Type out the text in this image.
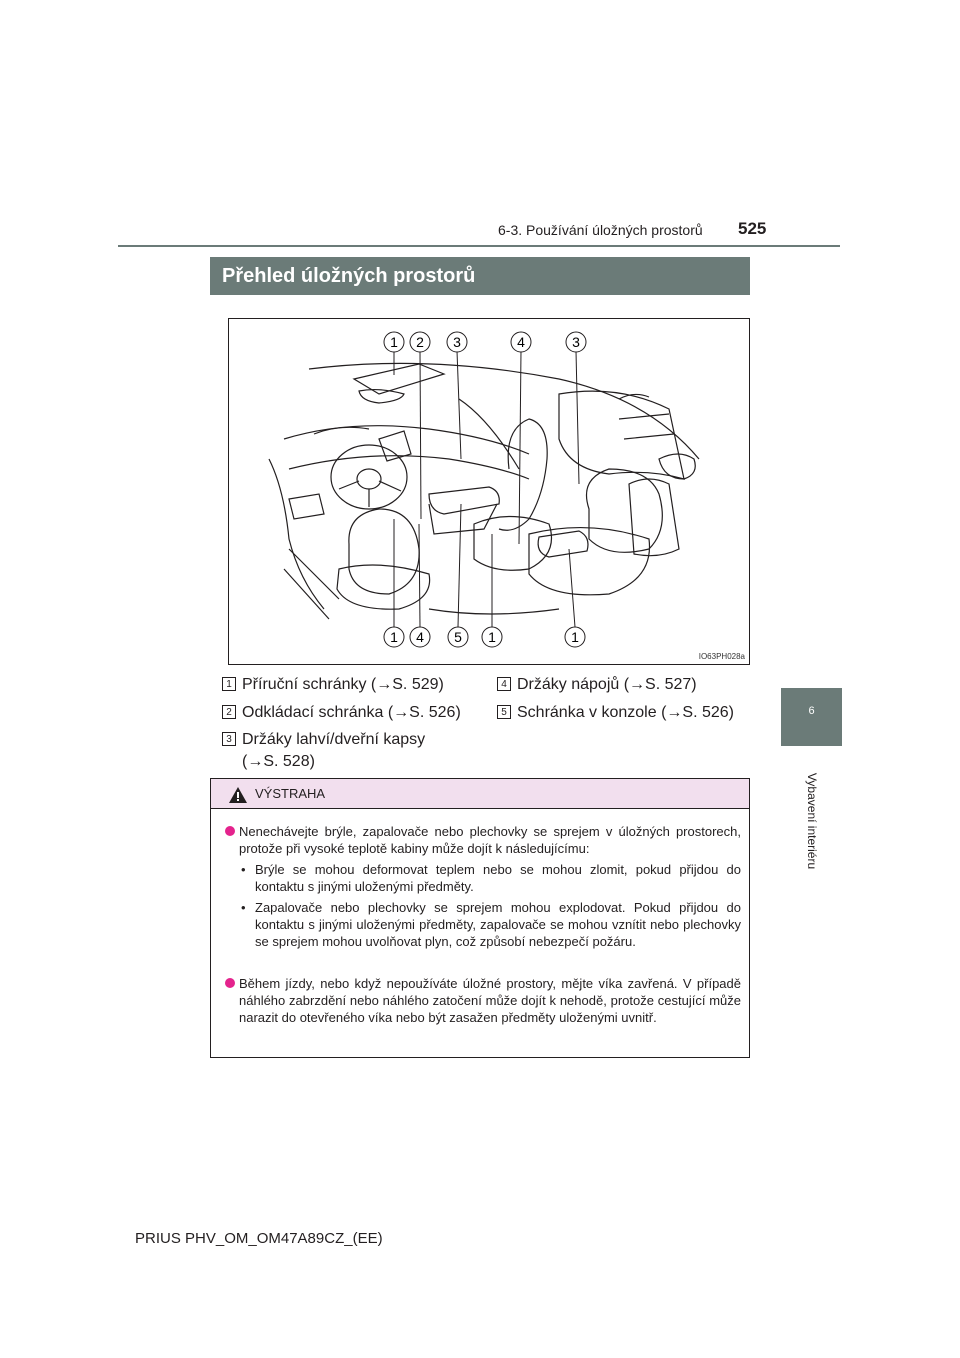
6-3. Používání úložných prostorů 525
6
Vybavení interiéru
Přehled úložných prostorů
1 2 3	4	3
1 4 5 1	1
IO63PH028a
1 Příruční schránky (→S. 529)
2 Odkládací schránka (→S. 526)
3 Držáky lahví/dveřní kapsy
(→S. 528)
4 Držáky nápojů (→S. 527)
5 Schránka v konzole (→S. 526)
VÝSTRAHA
Nenechávejte brýle, zapalovače nebo plechovky se sprejem v úložných prostorech, protože při vysoké teplotě kabiny může dojít k následujícímu:
• Brýle se mohou deformovat teplem nebo se mohou zlomit, pokud přijdou do kontaktu s jinými uloženými předměty.
• Zapalovače nebo plechovky se sprejem mohou explodovat. Pokud přijdou do kontaktu s jinými uloženými předměty, zapalovače se mohou vznítit nebo plechovky se sprejem mohou uvolňovat plyn, což způsobí nebezpečí požáru.
Během jízdy, nebo když nepoužíváte úložné prostory, mějte víka zavřená. V případě náhlého zabrzdění nebo náhlého zatočení může dojít k nehodě, protože cestující může narazit do otevřeného víka nebo být zasažen předměty uloženými uvnitř.
PRIUS PHV_OM_OM47A89CZ_(EE)
